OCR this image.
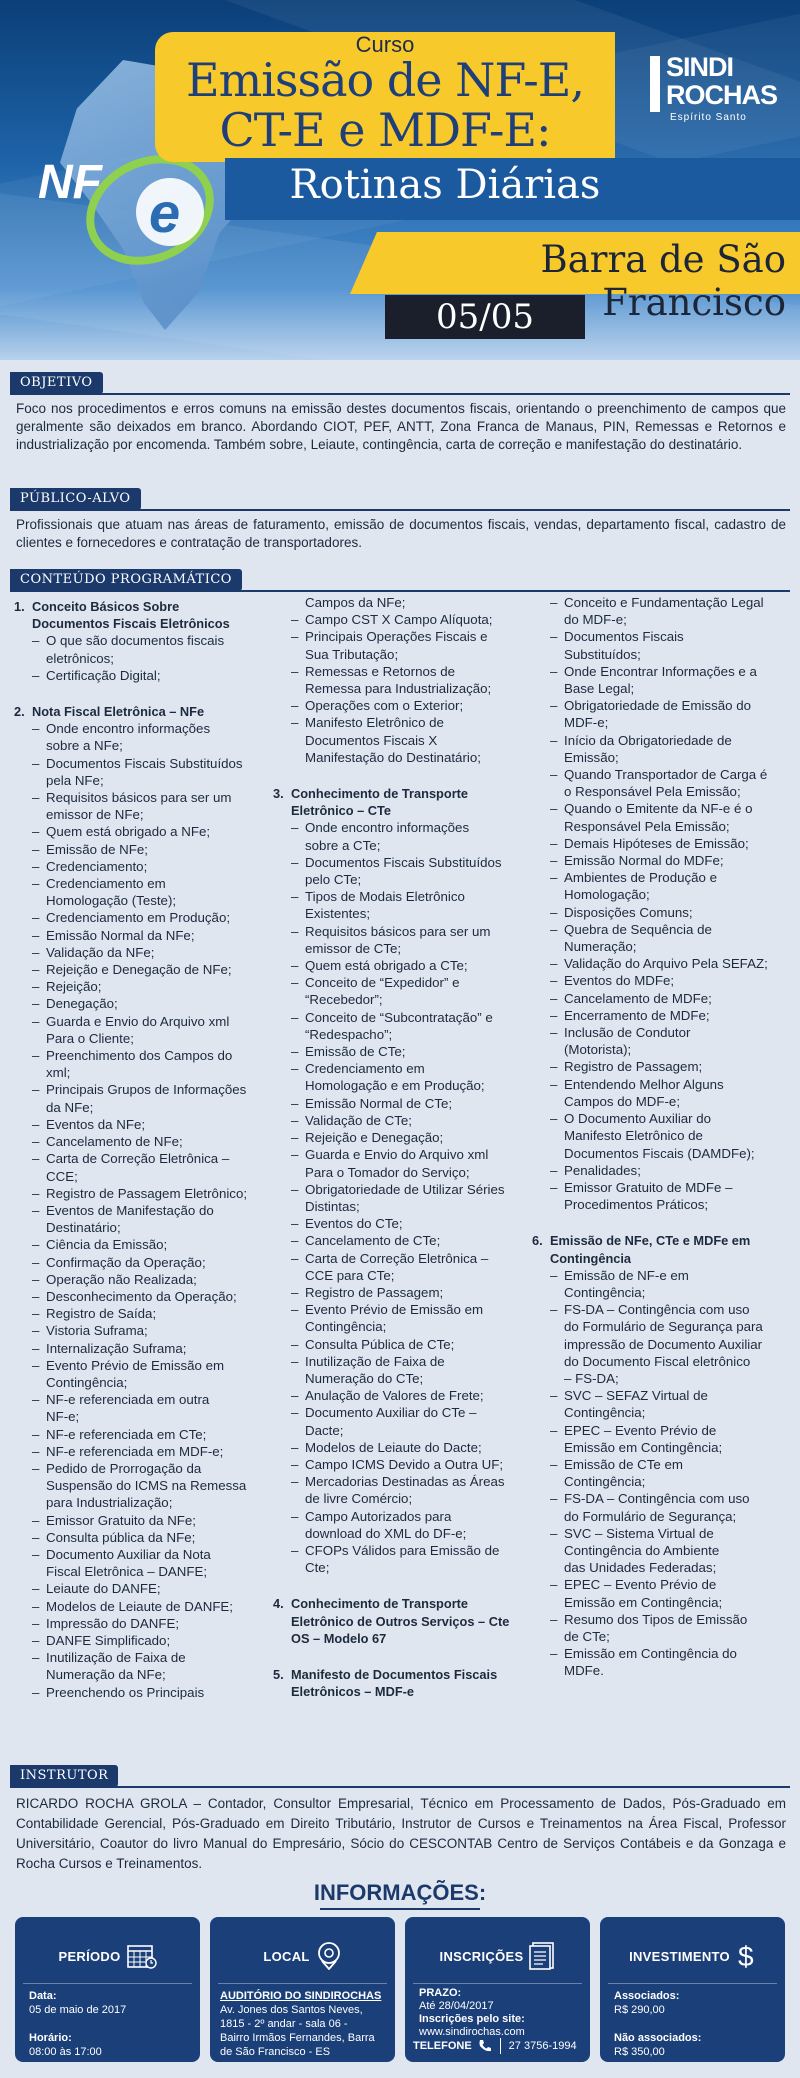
NF e
Curso
Emissão de NF-E,
CT-E e MDF-E:
Rotinas Diárias
SINDI
ROCHAS
Espírito Santo
Barra de São Francisco
05/05
OBJETIVO
Foco nos procedimentos e erros comuns na emissão destes documentos fiscais, orientando o preenchimento de campos que geralmente são deixados em branco. Abordando CIOT, PEF, ANTT, Zona Franca de Manaus, PIN, Remessas e Retornos e industrialização por encomenda. Também sobre, Leiaute, contingência, carta de correção e manifestação do destinatário.
PÚBLICO-ALVO
Profissionais que atuam nas áreas de faturamento, emissão de documentos fiscais, vendas, departamento fiscal, cadastro de clientes e fornecedores e contratação de transportadores.
CONTEÚDO PROGRAMÁTICO
1. Conceito Básicos Sobre
Documentos Fiscais Eletrônicos
– O que são documentos fiscais
eletrônicos;
– Certificação Digital;
2. Nota Fiscal Eletrônica – NFe
– Onde encontro informações
sobre a NFe;
– Documentos Fiscais Substituídos
pela NFe;
– Requisitos básicos para ser um
emissor de NFe;
– Quem está obrigado a NFe;
– Emissão de NFe;
– Credenciamento;
– Credenciamento em
Homologação (Teste);
– Credenciamento em Produção;
– Emissão Normal da NFe;
– Validação da NFe;
– Rejeição e Denegação de NFe;
– Rejeição;
– Denegação;
– Guarda e Envio do Arquivo xml
Para o Cliente;
– Preenchimento dos Campos do
xml;
– Principais Grupos de Informações
da NFe;
– Eventos da NFe;
– Cancelamento de NFe;
– Carta de Correção Eletrônica –
CCE;
– Registro de Passagem Eletrônico;
– Eventos de Manifestação do
Destinatário;
– Ciência da Emissão;
– Confirmação da Operação;
– Operação não Realizada;
– Desconhecimento da Operação;
– Registro de Saída;
– Vistoria Suframa;
– Internalização Suframa;
– Evento Prévio de Emissão em
Contingência;
– NF-e referenciada em outra
NF-e;
– NF-e referenciada em CTe;
– NF-e referenciada em MDF-e;
– Pedido de Prorrogação da
Suspensão do ICMS na Remessa
para Industrialização;
– Emissor Gratuito da NFe;
– Consulta pública da NFe;
– Documento Auxiliar da Nota
Fiscal Eletrônica – DANFE;
– Leiaute do DANFE;
– Modelos de Leiaute de DANFE;
– Impressão do DANFE;
– DANFE Simplificado;
– Inutilização de Faixa de
Numeração da NFe;
– Preenchendo os Principais
Campos da NFe;
– Campo CST X Campo Alíquota;
– Principais Operações Fiscais e
Sua Tributação;
– Remessas e Retornos de
Remessa para Industrialização;
– Operações com o Exterior;
– Manifesto Eletrônico de
Documentos Fiscais X
Manifestação do Destinatário;
3. Conhecimento de Transporte
Eletrônico – CTe
– Onde encontro informações
sobre a CTe;
– Documentos Fiscais Substituídos
pelo CTe;
– Tipos de Modais Eletrônico
Existentes;
– Requisitos básicos para ser um
emissor de CTe;
– Quem está obrigado a CTe;
– Conceito de “Expedidor” e
“Recebedor”;
– Conceito de “Subcontratação” e
“Redespacho”;
– Emissão de CTe;
– Credenciamento em
Homologação e em Produção;
– Emissão Normal de CTe;
– Validação de CTe;
– Rejeição e Denegação;
– Guarda e Envio do Arquivo xml
Para o Tomador do Serviço;
– Obrigatoriedade de Utilizar Séries
Distintas;
– Eventos do CTe;
– Cancelamento de CTe;
– Carta de Correção Eletrônica –
CCE para CTe;
– Registro de Passagem;
– Evento Prévio de Emissão em
Contingência;
– Consulta Pública de CTe;
– Inutilização de Faixa de
Numeração do CTe;
– Anulação de Valores de Frete;
– Documento Auxiliar do CTe –
Dacte;
– Modelos de Leiaute do Dacte;
– Campo ICMS Devido a Outra UF;
– Mercadorias Destinadas as Áreas
de livre Comércio;
– Campo Autorizados para
download do XML do DF-e;
– CFOPs Válidos para Emissão de
Cte;
4. Conhecimento de Transporte
Eletrônico de Outros Serviços – Cte
OS – Modelo 67
5. Manifesto de Documentos Fiscais
Eletrônicos – MDF-e
– Conceito e Fundamentação Legal
do MDF-e;
– Documentos Fiscais
Substituídos;
– Onde Encontrar Informações e a
Base Legal;
– Obrigatoriedade de Emissão do
MDF-e;
– Início da Obrigatoriedade de
Emissão;
– Quando Transportador de Carga é
o Responsável Pela Emissão;
– Quando o Emitente da NF-e é o
Responsável Pela Emissão;
– Demais Hipóteses de Emissão;
– Emissão Normal do MDFe;
– Ambientes de Produção e
Homologação;
– Disposições Comuns;
– Quebra de Sequência de
Numeração;
– Validação do Arquivo Pela SEFAZ;
– Eventos do MDFe;
– Cancelamento de MDFe;
– Encerramento de MDFe;
– Inclusão de Condutor
(Motorista);
– Registro de Passagem;
– Entendendo Melhor Alguns
Campos do MDF-e;
– O Documento Auxiliar do
Manifesto Eletrônico de
Documentos Fiscais (DAMDFe);
– Penalidades;
– Emissor Gratuito de MDFe –
Procedimentos Práticos;
6. Emissão de NFe, CTe e MDFe em
Contingência
– Emissão de NF-e em
Contingência;
– FS-DA – Contingência com uso
do Formulário de Segurança para
impressão de Documento Auxiliar
do Documento Fiscal eletrônico
– FS-DA;
– SVC – SEFAZ Virtual de
Contingência;
– EPEC – Evento Prévio de
Emissão em Contingência;
– Emissão de CTe em
Contingência;
– FS-DA – Contingência com uso
do Formulário de Segurança;
– SVC – Sistema Virtual de
Contingência do Ambiente
das Unidades Federadas;
– EPEC – Evento Prévio de
Emissão em Contingência;
– Resumo dos Tipos de Emissão
de CTe;
– Emissão em Contingência do
MDFe.
INSTRUTOR
RICARDO ROCHA GROLA – Contador, Consultor Empresarial, Técnico em Processamento de Dados, Pós-Graduado em Contabilidade Gerencial, Pós-Graduado em Direito Tributário, Instrutor de Cursos e Treinamentos na Área Fiscal, Professor Universitário, Coautor do livro Manual do Empresário, Sócio do CESCONTAB Centro de Serviços Contábeis e da Gonzaga e Rocha Cursos e Treinamentos.
INFORMAÇÕES:
PERÍODO
Data:
05 de maio de 2017

Horário:
08:00 às 17:00
LOCAL
AUDITÓRIO DO SINDIROCHAS
Av. Jones dos Santos Neves,
1815 - 2º andar - sala 06 -
Bairro Irmãos Fernandes, Barra
de São Francisco - ES
INSCRIÇÕES
PRAZO:
Até 28/04/2017
Inscrições pelo site:
www.sindirochas.com
TELEFONE	27 3756-1994
INVESTIMENTO $
Associados:
R$ 290,00

Não associados:
R$ 350,00
